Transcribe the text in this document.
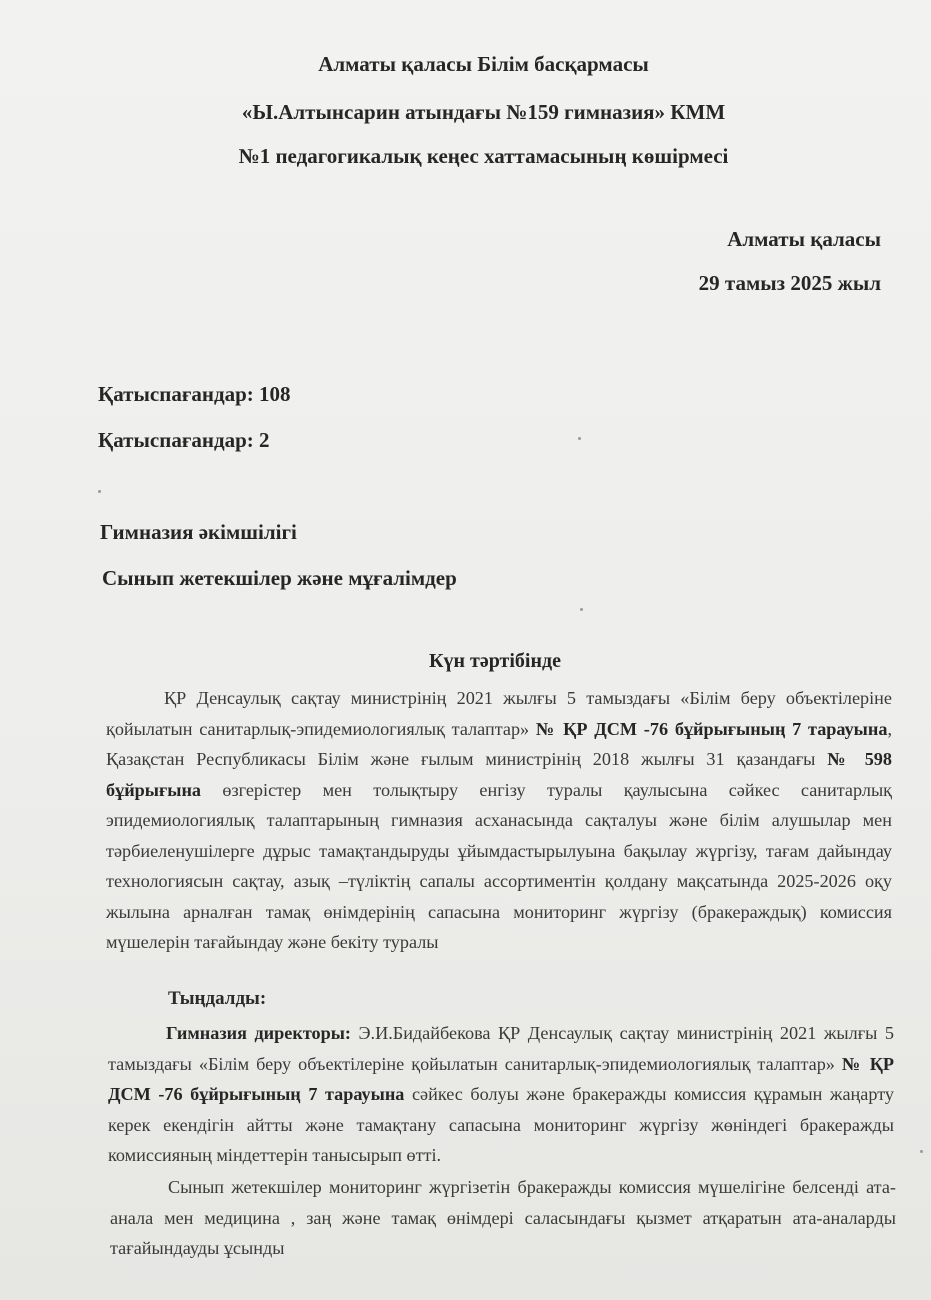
Алматы қаласы Білім басқармасы
«Ы.Алтынсарин атындағы №159 гимназия» КММ
№1 педагогикалық кеңес хаттамасының көшірмесі
Алматы қаласы
29 тамыз 2025 жыл
Қатыспағандар: 108
Қатыспағандар: 2
Гимназия әкімшілігі
Сынып жетекшілер және мұғалімдер
Күн тәртібінде
ҚР Денсаулық сақтау министрінің 2021 жылғы 5 тамыздағы «Білім беру объектілеріне қойылатын санитарлық-эпидемиологиялық талаптар» № ҚР ДСМ -76 бұйрығының 7 тарауына, Қазақстан Республикасы Білім және ғылым министрінің 2018 жылғы 31 қазандағы № 598 бұйрығына өзгерістер мен толықтыру енгізу туралы қаулысына сәйкес санитарлық эпидемиологиялық талаптарының гимназия асханасында сақталуы және білім алушылар мен тәрбиеленушілерге дұрыс тамақтандыруды ұйымдастырылуына бақылау жүргізу, тағам дайындау технологиясын сақтау, азық –түліктің сапалы ассортиментін қолдану мақсатында 2025-2026 оқу жылына арналған тамақ өнімдерінің сапасына мониторинг жүргізу (бракераждық) комиссия мүшелерін тағайындау және бекіту туралы
Тыңдалды:
Гимназия директоры: Э.И.Бидайбекова ҚР Денсаулық сақтау министрінің 2021 жылғы 5 тамыздағы «Білім беру объектілеріне қойылатын санитарлық-эпидемиологиялық талаптар» № ҚР ДСМ -76 бұйрығының 7 тарауына сәйкес болуы және бракеражды комиссия құрамын жаңарту керек екендігін айтты және тамақтану сапасына мониторинг жүргізу жөніндегі бракеражды комиссияның міндеттерін танысырып өтті.
Сынып жетекшілер мониторинг жүргізетін бракеражды комиссия мүшелігіне белсенді ата-анала мен медицина , заң және тамақ өнімдері саласындағы қызмет атқаратын ата-аналарды тағайындауды ұсынды
